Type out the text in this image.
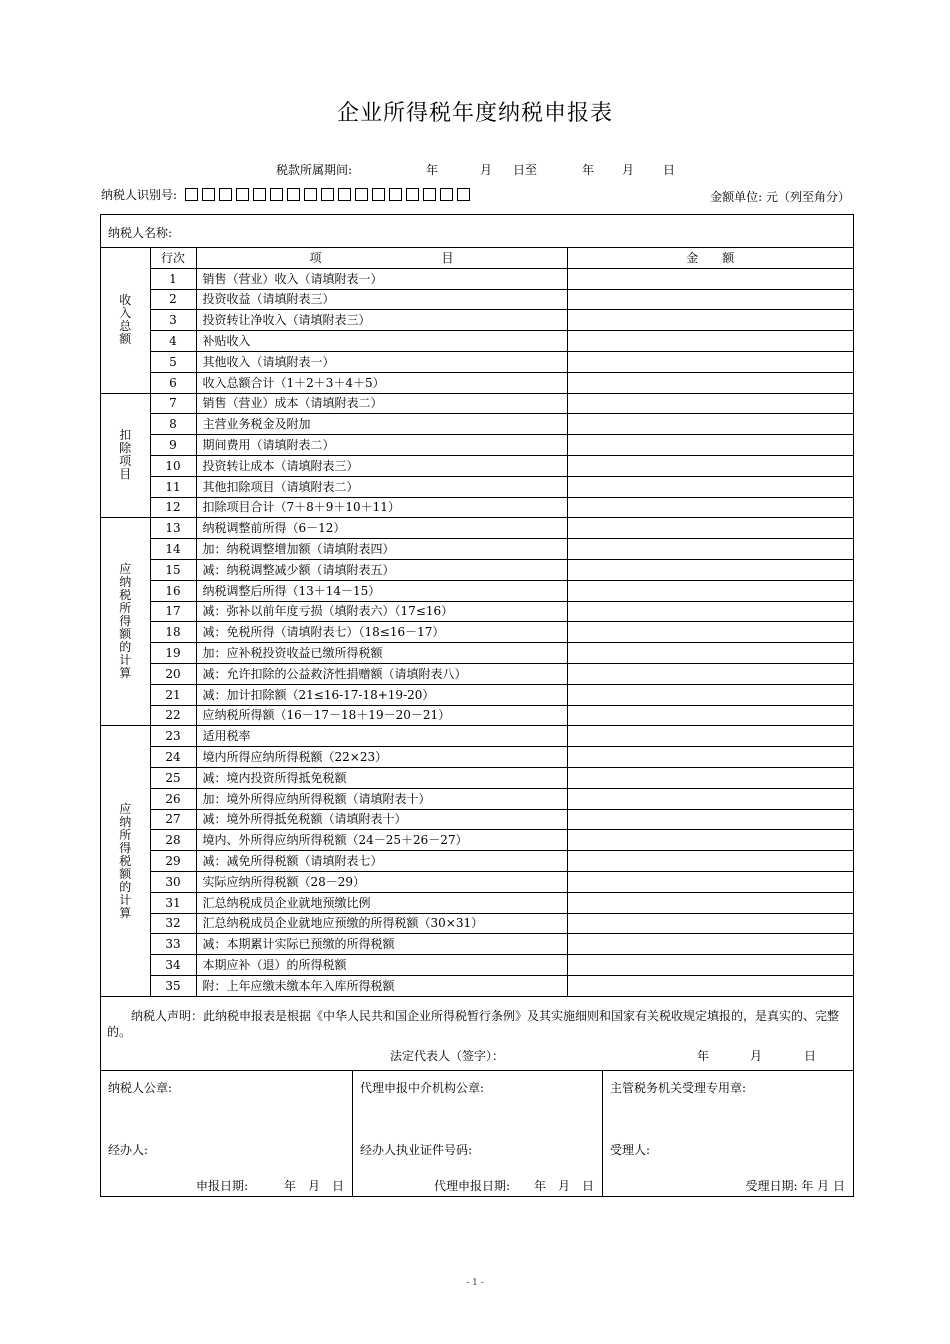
企业所得税年度纳税申报表
税款所属期间:	年	月 日至	年 月 日
纳税人识别号:	金额单位: 元（列至角分）
纳税人名称:
收入总额	行次	项　　　　　　　　　　目	金　　额
	1	销售（营业）收入（请填附表一）	
	2	投资收益（请填附表三）	
	3	投资转让净收入（请填附表三）	
	4	补贴收入	
	5	其他收入（请填附表一）	
	6	收入总额合计（1＋2＋3＋4＋5）	
扣除项目	7	销售（营业）成本（请填附表二）	
	8	主营业务税金及附加	
	9	期间费用（请填附表二）	
	10	投资转让成本（请填附表三）	
	11	其他扣除项目（请填附表二）	
	12	扣除项目合计（7＋8＋9＋10＋11）	
应纳税所得额的计算	13	纳税调整前所得（6－12）	
	14	加：纳税调整增加额（请填附表四）	
	15	减：纳税调整减少额（请填附表五）	
	16	纳税调整后所得（13＋14－15）	
	17	减：弥补以前年度亏损（填附表六）（17≤16）	
	18	减：免税所得（请填附表七）（18≤16－17）	
	19	加：应补税投资收益已缴所得税额	
	20	减：允许扣除的公益救济性捐赠额（请填附表八）	
	21	减：加计扣除额（21≤16-17-18+19-20）	
	22	应纳税所得额（16－17－18＋19－20－21）	
应纳所得税额的计算	23	适用税率	
	24	境内所得应纳所得税额（22×23）	
	25	减：境内投资所得抵免税额	
	26	加：境外所得应纳所得税额（请填附表十）	
	27	减：境外所得抵免税额（请填附表十）	
	28	境内、外所得应纳所得税额（24－25＋26－27）	
	29	减：减免所得税额（请填附表七）	
	30	实际应纳所得税额（28－29）	
	31	汇总纳税成员企业就地预缴比例	
	32	汇总纳税成员企业就地应预缴的所得税额（30×31）	
	33	减：本期累计实际已预缴的所得税额	
	34	本期应补（退）的所得税额	
	35	附：上年应缴未缴本年入库所得税额	
纳税人声明：此纳税申报表是根据《中华人民共和国企业所得税暂行条例》及其实施细则和国家有关税收规定填报的，是真实的、完整的。
法定代表人（签字）：	年	月	日
纳税人公章:
经办人:
申报日期:　　　年　月　日
代理申报中介机构公章:
经办人执业证件号码:
代理申报日期:　　年　月　日
主管税务机关受理专用章:
受理人:
受理日期: 年 月 日
- 1 -
